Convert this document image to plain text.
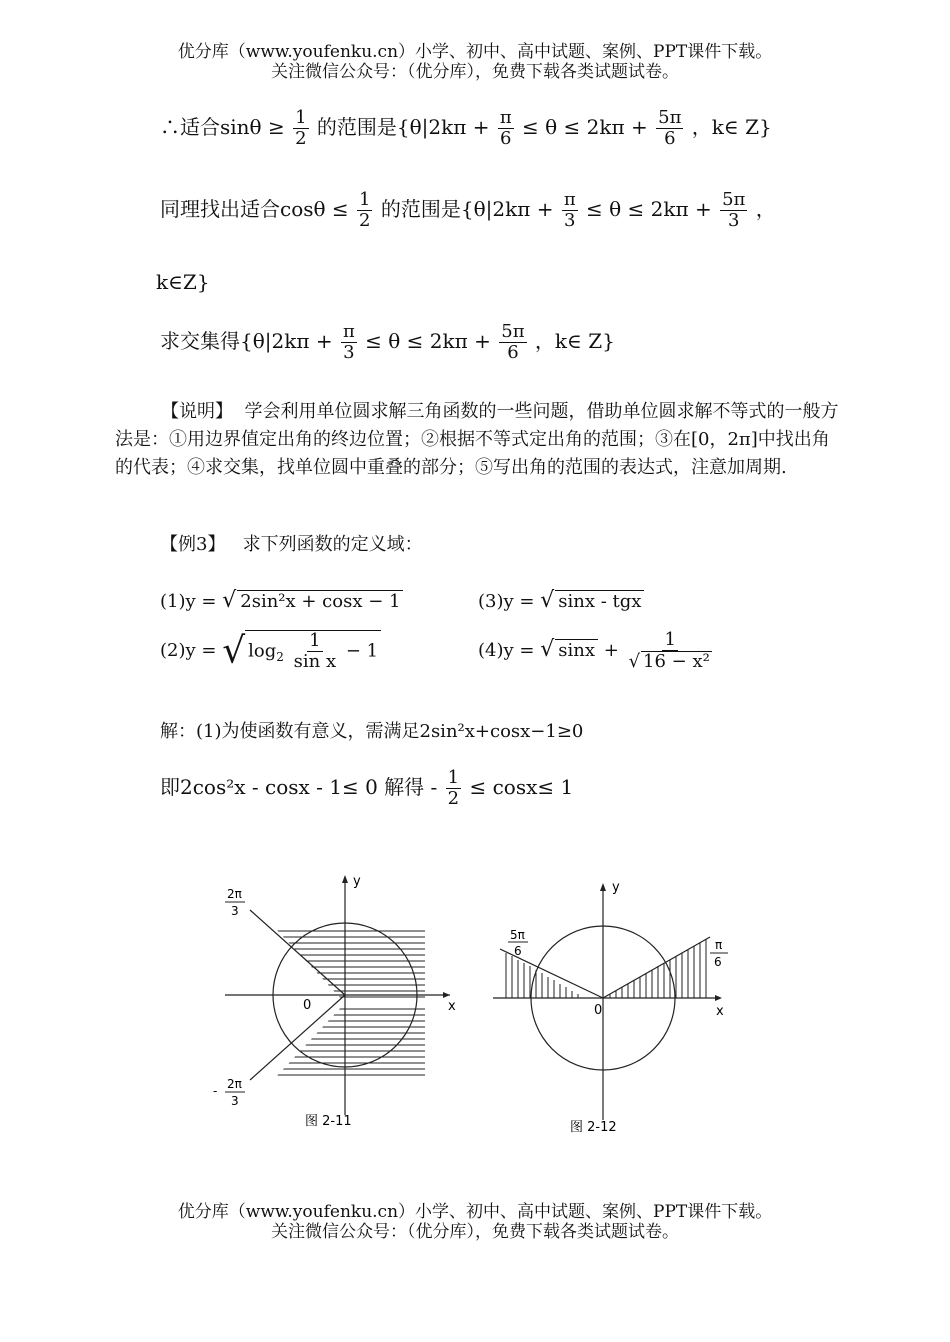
优分库（www.youfenku.cn）小学、初中、高中试题、案例、PPT课件下载。
关注微信公众号：（优分库），免费下载各类试题试卷。
∴适合$\sin\theta \ge \frac{1}{2}$ 的范围是{$\theta|2k\pi + \frac{\pi}{6} \le \theta \le 2k\pi + \frac{5\pi}{6}$ ，k∈ Z}
同理找出适合$\cos\theta \le \frac{1}{2}$ 的范围是{$\theta|2k\pi + \frac{\pi}{3} \le \theta \le 2k\pi + \frac{5\pi}{3}$ ，
k∈Z}
求交集得{$\theta|2k\pi + \frac{\pi}{3} \le \theta \le 2k\pi + \frac{5\pi}{6}$ ，k∈ Z}
【说明】 学会利用单位圆求解三角函数的一些问题，借助单位圆求解不等式的一般方法是：①用边界值定出角的终边位置；②根据不等式定出角的范围；③在[0，2π]中找出角的代表；④求交集，找单位圆中重叠的部分；⑤写出角的范围的表达式，注意加周期.
【例3】 求下列函数的定义域：
(1)y = √ 2sin²x + cosx − 1	(3)y = √ sinx - tgx
(2)y = √ $\log_2 \frac{1}{\text{sin x}} - 1$	(4)y = √ $\sin x + \frac{1}{\text{√ 16 − x²}}$
解：(1)为使函数有意义，需满足2sin²x+cosx−1≥0
即2cos²x - cosx - 1≤ 0 解得 - $\frac{1}{2} \le \cos x\le 1$
y
x
0
2π
3
- 2π
3
图 2-11
y
x
0
5π
6	π
6
图 2-12
优分库（www.youfenku.cn）小学、初中、高中试题、案例、PPT课件下载。
关注微信公众号：（优分库），免费下载各类试题试卷。
